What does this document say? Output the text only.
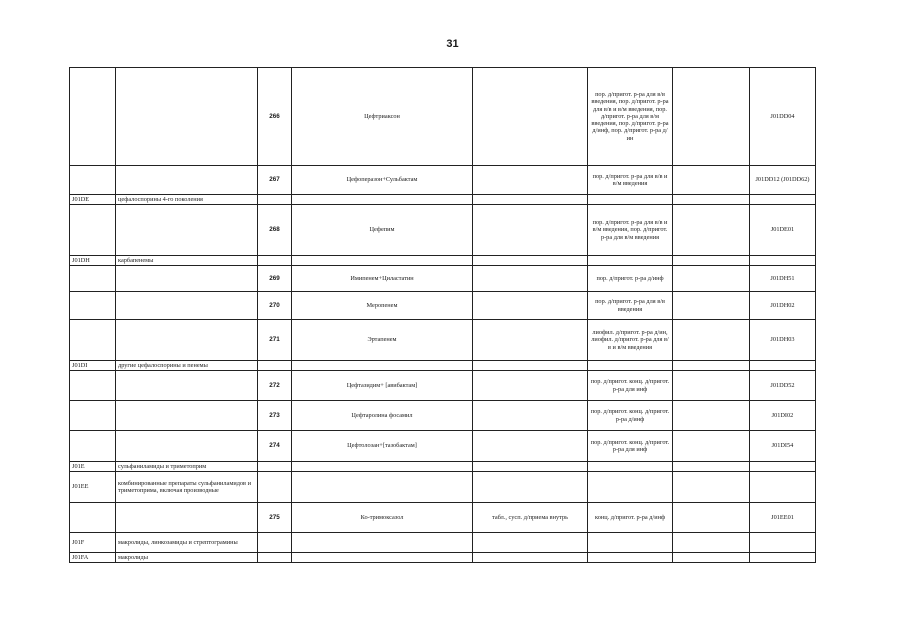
31
		266	Цефтриаксон		пор. д/пригот. р-ра для в/в введения, пор. д/пригот. р-ра для в/в и в/м введения, пор. д/пригот. р-ра для в/м введения, пор. д/пригот. р-ра д/инф, пор. д/пригот. р-ра д/ин		J01DD04
		267	Цефоперазон+Сульбактам		пор. д/пригот. р-ра для в/в и в/м введения		J01DD12 (J01DD62)
J01DE	цефалоспорины 4-го поколения						
		268	Цефепим		пор. д/пригот. р-ра для в/в и в/м введения, пор. д/пригот. р-ра для в/м введения		J01DE01
J01DH	карбапенемы						
		269	Имипенем+Циластатин		пор. д/пригот. р-ра д/инф		J01DH51
		270	Меропенем		пор. д/пригот. р-ра для в/в введения		J01DH02
		271	Эртапенем		лиофил. д/пригот. р-ра д/ин, лиофил. д/пригот. р-ра для в/в и в/м введения		J01DH03
J01DI	другие цефалоспорины и пенемы						
		272	Цефтазидим+ [авибактам]		пор. д/пригот. конц. д/пригот. р-ра для инф		J01DD52
		273	Цефтаролина фосамил		пор. д/пригот. конц. д/пригот. р-ра д/инф		J01DI02
		274	Цефтолозан+[тазобактам]		пор. д/пригот. конц. д/пригот. р-ра для инф		J01DI54
J01E	сульфаниламиды и триметоприм						
J01EE	комбинированные препараты сульфаниламидов и триметоприма, включая производные						
		275	Ко-тримоксазол	табл., сусп. д/приема внутрь	конц. д/пригот. р-ра д/инф		J01EE01
J01F	макролиды, линкозамиды и стрептограмины						
J01FA	макролиды						
